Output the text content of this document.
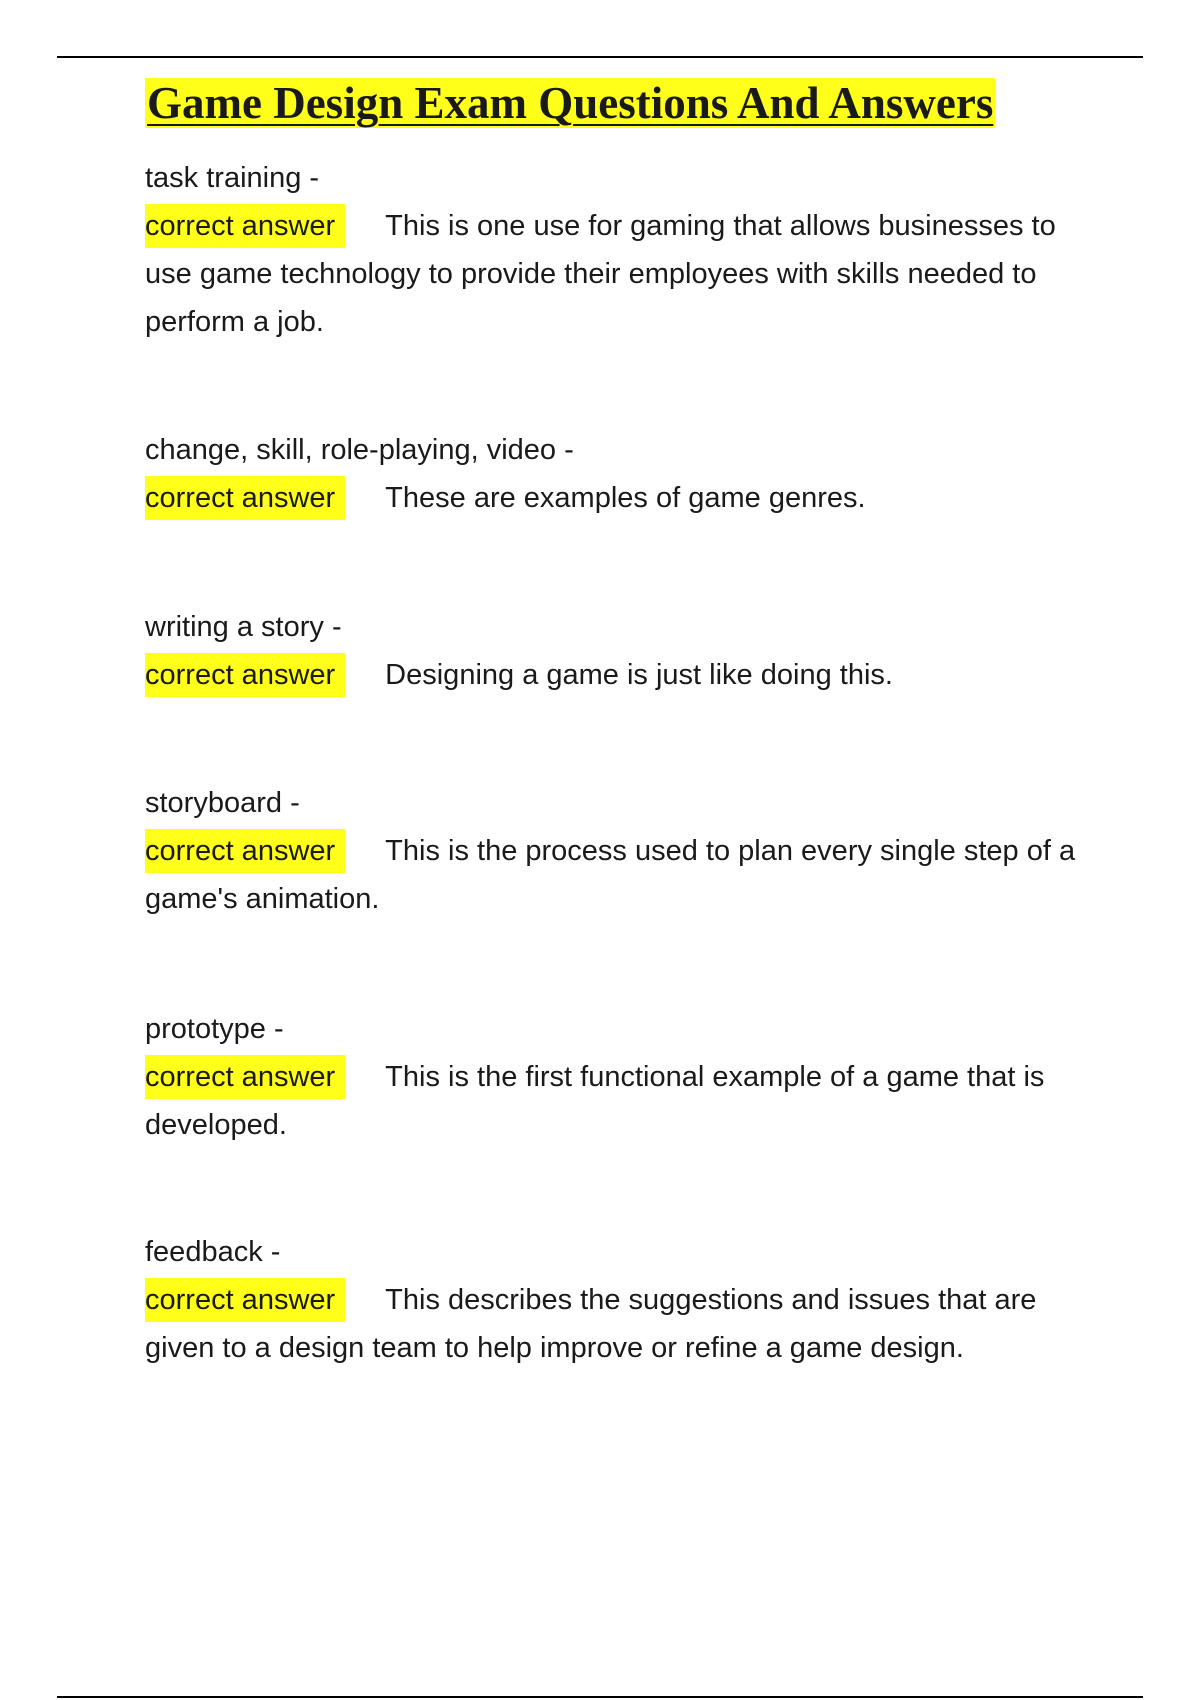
Game Design Exam Questions And Answers
task training -
correct answer This is one use for gaming that allows businesses to use game technology to provide their employees with skills needed to perform a job.
change, skill, role-playing, video -
correct answer These are examples of game genres.
writing a story -
correct answer Designing a game is just like doing this.
storyboard -
correct answer This is the process used to plan every single step of a game's animation.
prototype -
correct answer This is the first functional example of a game that is developed.
feedback -
correct answer This describes the suggestions and issues that are given to a design team to help improve or refine a game design.
